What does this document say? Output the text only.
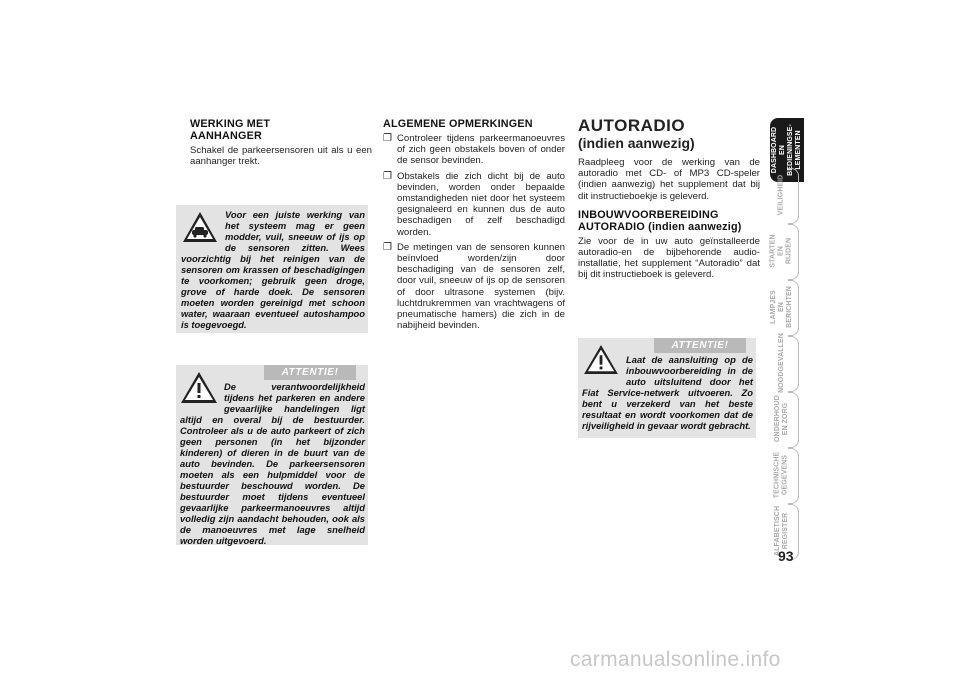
WERKING MET AANHANGER

Schakel de parkeersensoren uit als u een aanhanger trekt.

Voor een juiste werking van het systeem mag er geen modder, vuil, sneeuw of ijs op de sensoren zitten. Wees voorzichtig bij het reinigen van de sensoren om krassen of beschadigingen te voorkomen; gebruik geen droge, grove of harde doek. De sensoren moeten worden gereinigd met schoon water, waaraan eventueel autoshampoo is toegevoegd.

ATTENTIE!

De verantwoordelijkheid tijdens het parkeren en andere gevaarlijke handelingen ligt altijd en overal bij de bestuurder. Controleer als u de auto parkeert of zich geen personen (in het bijzonder kinderen) of dieren in de buurt van de auto bevinden. De parkeersensoren moeten als een hulpmiddel voor de bestuurder beschouwd worden. De bestuurder moet tijdens eventueel gevaarlijke parkeermanoeuvres altijd volledig zijn aandacht behouden, ook als de manoeuvres met lage snelheid worden uitgevoerd.

ALGEMENE OPMERKINGEN

❐ Controleer tijdens parkeermanoeuvres of zich geen obstakels boven of onder de sensor bevinden.
❐ Obstakels die zich dicht bij de auto bevinden, worden onder bepaalde omstandigheden niet door het systeem gesignaleerd en kunnen dus de auto beschadigen of zelf beschadigd worden.
❐ De metingen van de sensoren kunnen beïnvloed worden/zijn door beschadiging van de sensoren zelf, door vuil, sneeuw of ijs op de sensoren of door ultrasone systemen (bijv. luchtdrukremmen van vrachtwagens of pneumatische hamers) die zich in de nabijheid bevinden.

AUTORADIO

(indien aanwezig)

Raadpleeg voor de werking van de autoradio met CD- of MP3 CD-speler (indien aanwezig) het supplement dat bij dit instructieboekje is geleverd.

INBOUWVOORBEREIDING AUTORADIO (indien aanwezig)

Zie voor de in uw auto geïnstalleerde autoradio-en de bijbehorende audio-installatie, het supplement “Autoradio” dat bij dit instructieboek is geleverd.

ATTENTIE!

Laat de aansluiting op de inbouwvoorbereiding in de auto uitsluitend door het Fiat Service-netwerk uitvoeren. Zo bent u verzekerd van het beste resultaat en wordt voorkomen dat de rijveiligheid in gevaar wordt gebracht.

DASHBOARD EN BEDIENINGSE-LEMENTEN
VEILIGHEID
STARTEN EN RIJDEN
LAMPJES EN BERICHTEN
NOODGEVALLEN
ONDERHOUD EN ZORG
TECHNISCHE GEGEVENS
ALFABETISCH REGISTER
93
carmanualsonline.info
